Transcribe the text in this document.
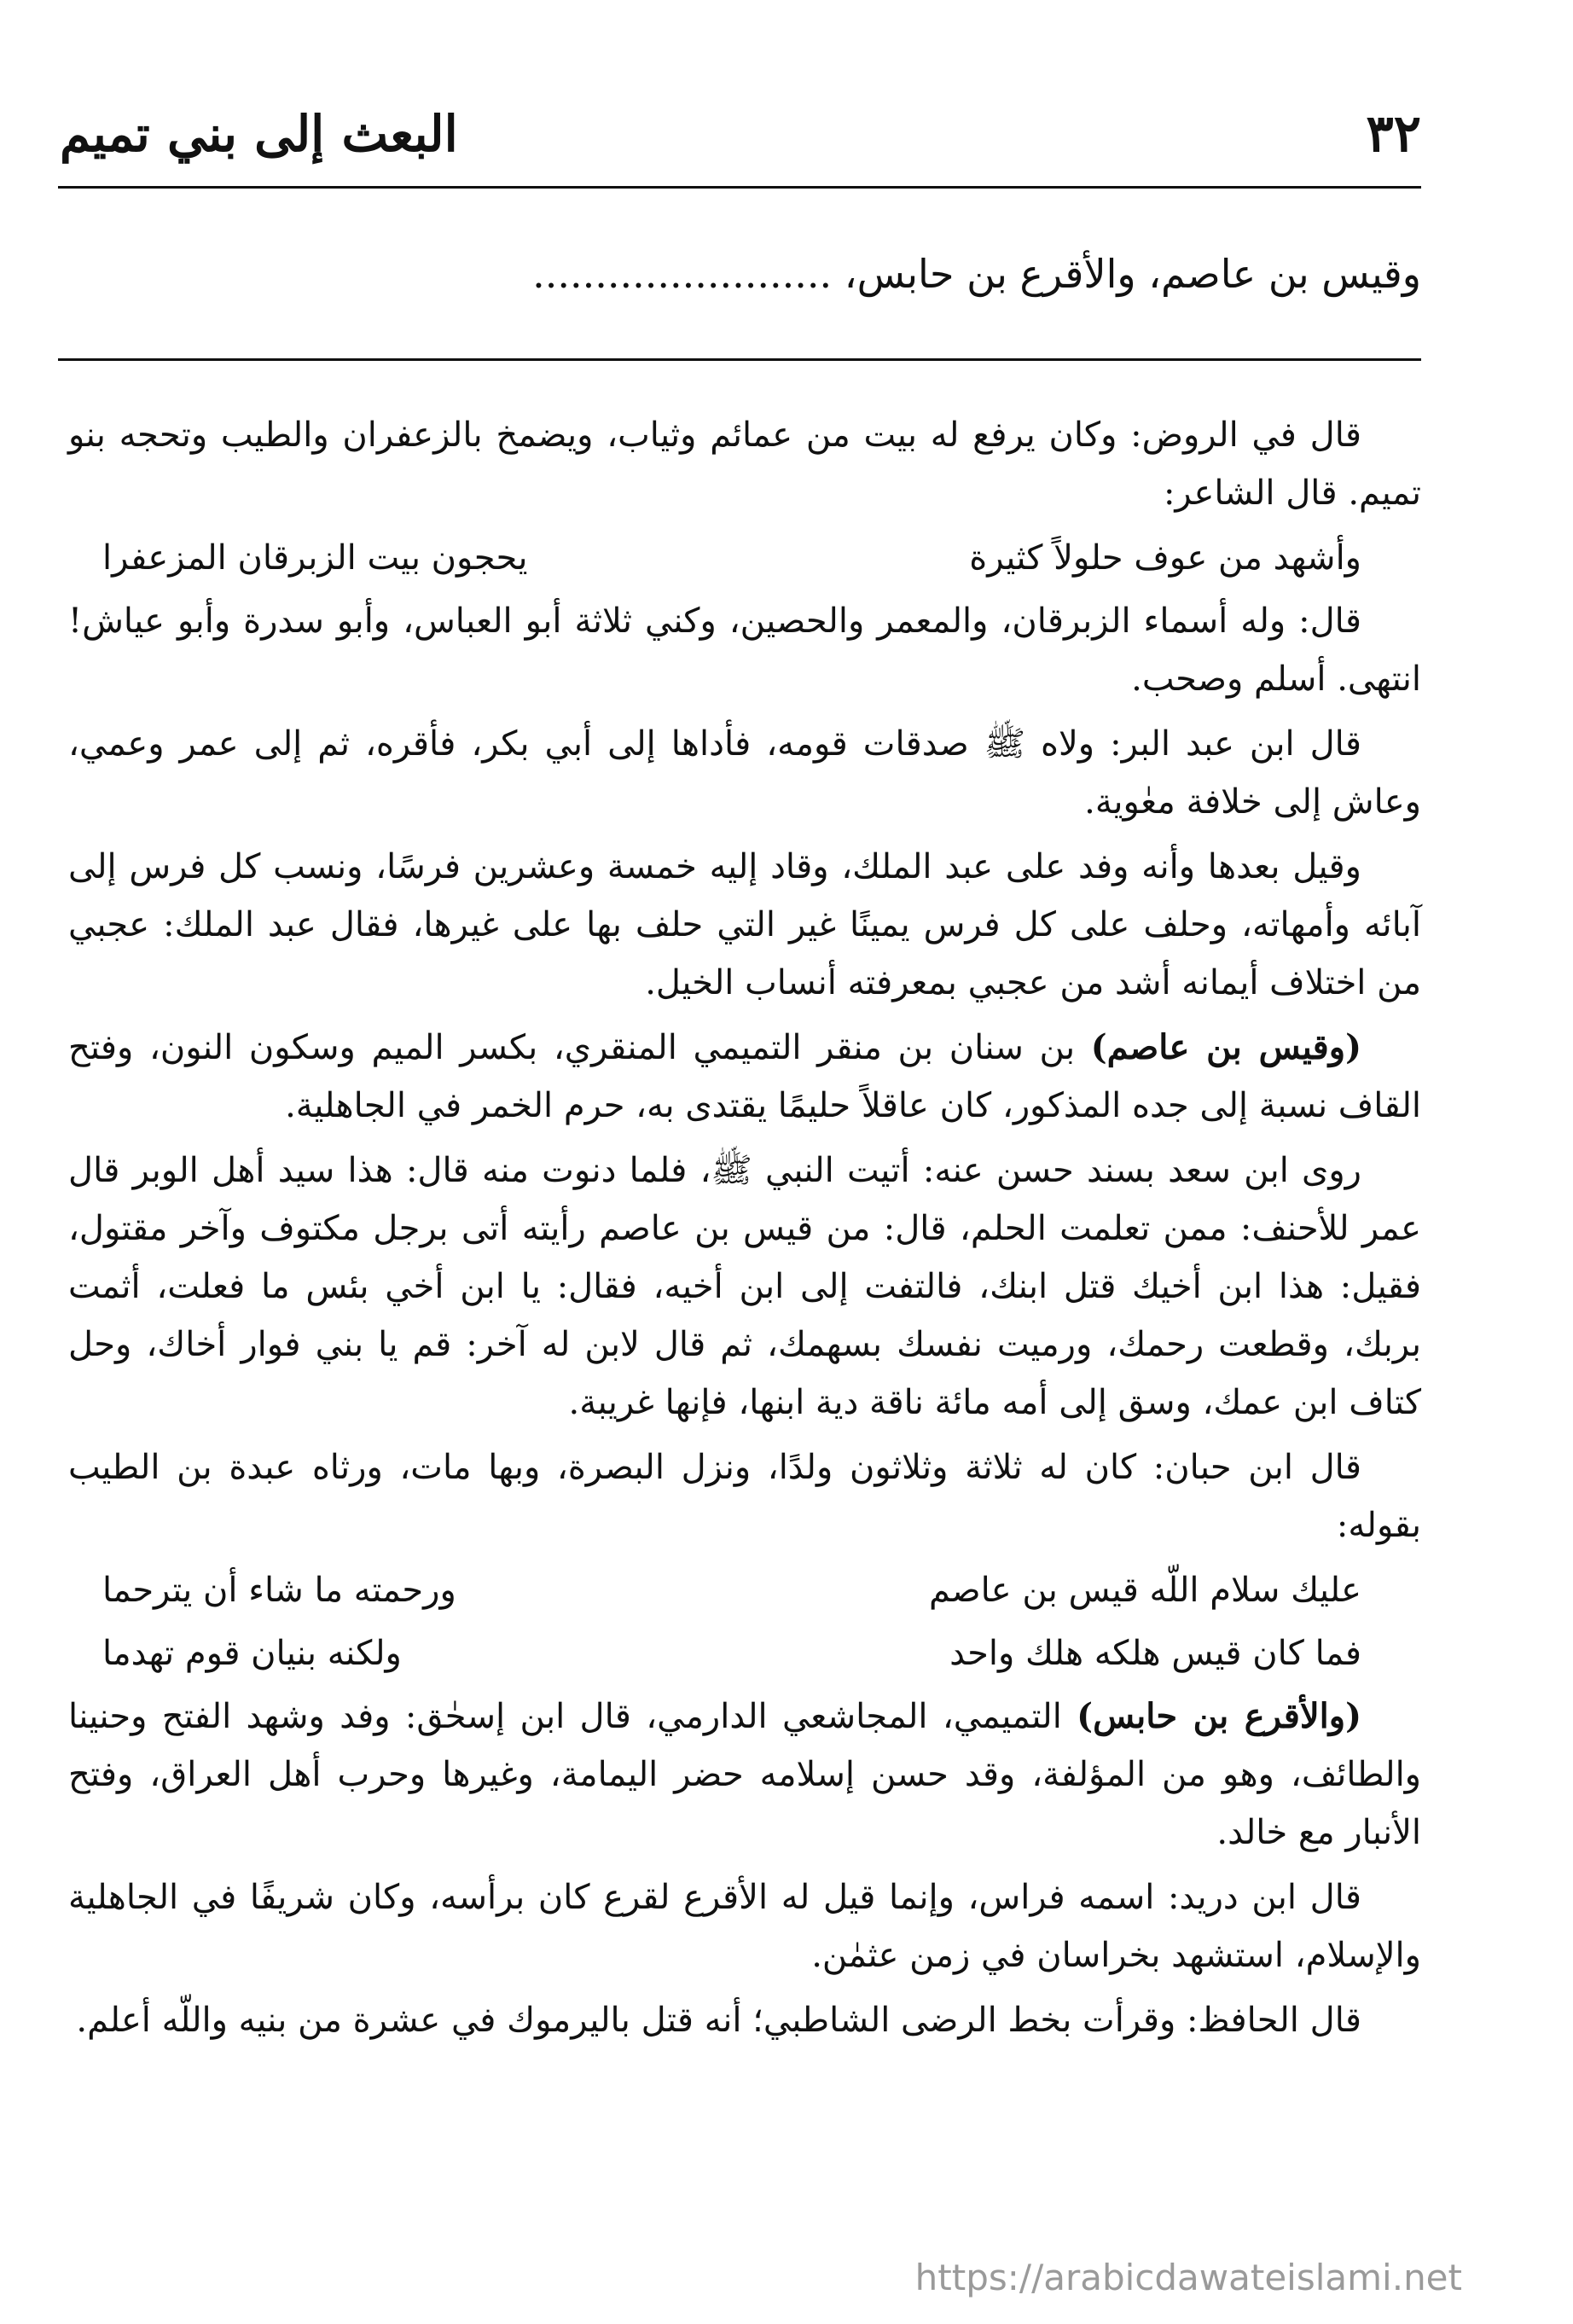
٣٢
البعث إلى بني تميم
وقيس بن عاصم، والأقرع بن حابس، ........................

قال في الروض: وكان يرفع له بيت من عمائم وثياب، ويضمخ بالزعفران والطيب وتحجه بنو تميم. قال الشاعر:

وأشهد من عوف حلولاً كثيرة
يحجون بيت الزبرقان المزعفرا

قال: وله أسماء الزبرقان، والمعمر والحصين، وكني ثلاثة أبو العباس، وأبو سدرة وأبو عياش! انتهى. أسلم وصحب.

قال ابن عبد البر: ولاه ﷺ صدقات قومه، فأداها إلى أبي بكر، فأقره، ثم إلى عمر وعمي، وعاش إلى خلافة معٰوية.

وقيل بعدها وأنه وفد على عبد الملك، وقاد إليه خمسة وعشرين فرسًا، ونسب كل فرس إلى آبائه وأمهاته، وحلف على كل فرس يمينًا غير التي حلف بها على غيرها، فقال عبد الملك: عجبي من اختلاف أيمانه أشد من عجبي بمعرفته أنساب الخيل.

(وقيس بن عاصم) بن سنان بن منقر التميمي المنقري، بكسر الميم وسكون النون، وفتح القاف نسبة إلى جده المذكور، كان عاقلاً حليمًا يقتدى به، حرم الخمر في الجاهلية.

روى ابن سعد بسند حسن عنه: أتيت النبي ﷺ، فلما دنوت منه قال: هذا سيد أهل الوبر قال عمر للأحنف: ممن تعلمت الحلم، قال: من قيس بن عاصم رأيته أتى برجل مكتوف وآخر مقتول، فقيل: هذا ابن أخيك قتل ابنك، فالتفت إلى ابن أخيه، فقال: يا ابن أخي بئس ما فعلت، أثمت بربك، وقطعت رحمك، ورميت نفسك بسهمك، ثم قال لابن له آخر: قم يا بني فوار أخاك، وحل كتاف ابن عمك، وسق إلى أمه مائة ناقة دية ابنها، فإنها غريبة.

قال ابن حبان: كان له ثلاثة وثلاثون ولدًا، ونزل البصرة، وبها مات، ورثاه عبدة بن الطيب بقوله:

عليك سلام اللّه قيس بن عاصم
ورحمته ما شاء أن يترحما
فما كان قيس هلكه هلك واحد
ولكنه بنيان قوم تهدما

(والأقرع بن حابس) التميمي، المجاشعي الدارمي، قال ابن إسحٰق: وفد وشهد الفتح وحنينا والطائف، وهو من المؤلفة، وقد حسن إسلامه حضر اليمامة، وغيرها وحرب أهل العراق، وفتح الأنبار مع خالد.

قال ابن دريد: اسمه فراس، وإنما قيل له الأقرع لقرع كان برأسه، وكان شريفًا في الجاهلية والإسلام، استشهد بخراسان في زمن عثمٰن.

قال الحافظ: وقرأت بخط الرضى الشاطبي؛ أنه قتل باليرموك في عشرة من بنيه واللّه أعلم.

https://arabicdawateislami.net
